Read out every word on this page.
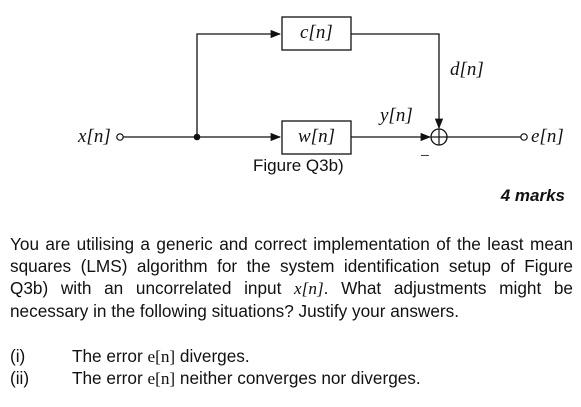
c[n]
w[n]
x[n]
y[n]
d[n]
e[n]
−
Figure Q3b)
4 marks
You are utilising a generic and correct implementation of the least mean squares (LMS) algorithm for the system identification setup of Figure Q3b) with an uncorrelated input x[n]. What adjustments might be necessary in the following situations? Justify your answers.
(i)	The error e[n] diverges.
(ii) The error e[n] neither converges nor diverges.
